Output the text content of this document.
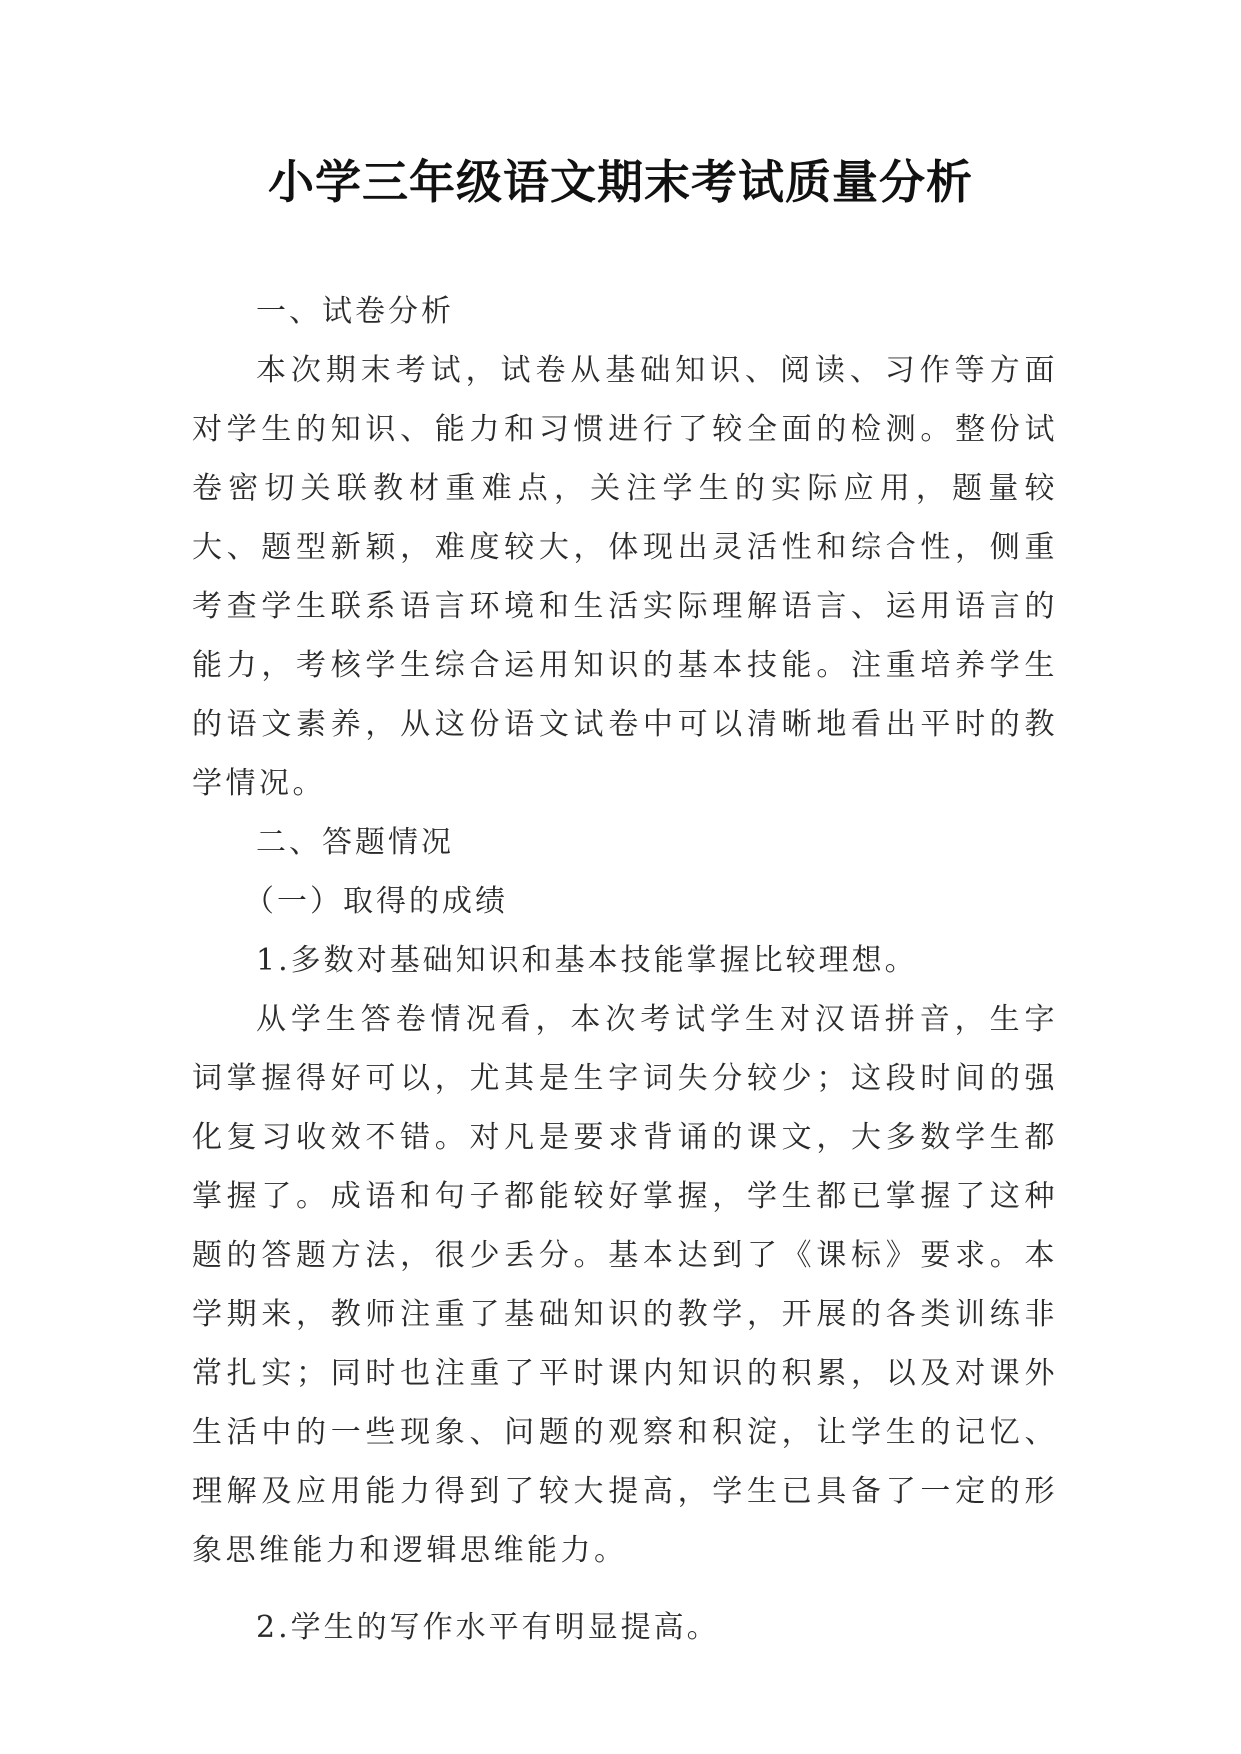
小学三年级语文期末考试质量分析

一、试卷分析

本次期末考试，试卷从基础知识、阅读、习作等方面对学生的知识、能力和习惯进行了较全面的检测。整份试卷密切关联教材重难点，关注学生的实际应用，题量较大、题型新颖，难度较大，体现出灵活性和综合性，侧重考查学生联系语言环境和生活实际理解语言、运用语言的能力，考核学生综合运用知识的基本技能。注重培养学生的语文素养，从这份语文试卷中可以清晰地看出平时的教学情况。

二、答题情况

（一）取得的成绩

1.多数对基础知识和基本技能掌握比较理想。

从学生答卷情况看，本次考试学生对汉语拼音，生字词掌握得好可以，尤其是生字词失分较少；这段时间的强化复习收效不错。对凡是要求背诵的课文，大多数学生都掌握了。成语和句子都能较好掌握，学生都已掌握了这种题的答题方法，很少丢分。基本达到了《课标》要求。本学期来，教师注重了基础知识的教学，开展的各类训练非常扎实；同时也注重了平时课内知识的积累，以及对课外生活中的一些现象、问题的观察和积淀，让学生的记忆、理解及应用能力得到了较大提高，学生已具备了一定的形象思维能力和逻辑思维能力。

2.学生的写作水平有明显提高。
